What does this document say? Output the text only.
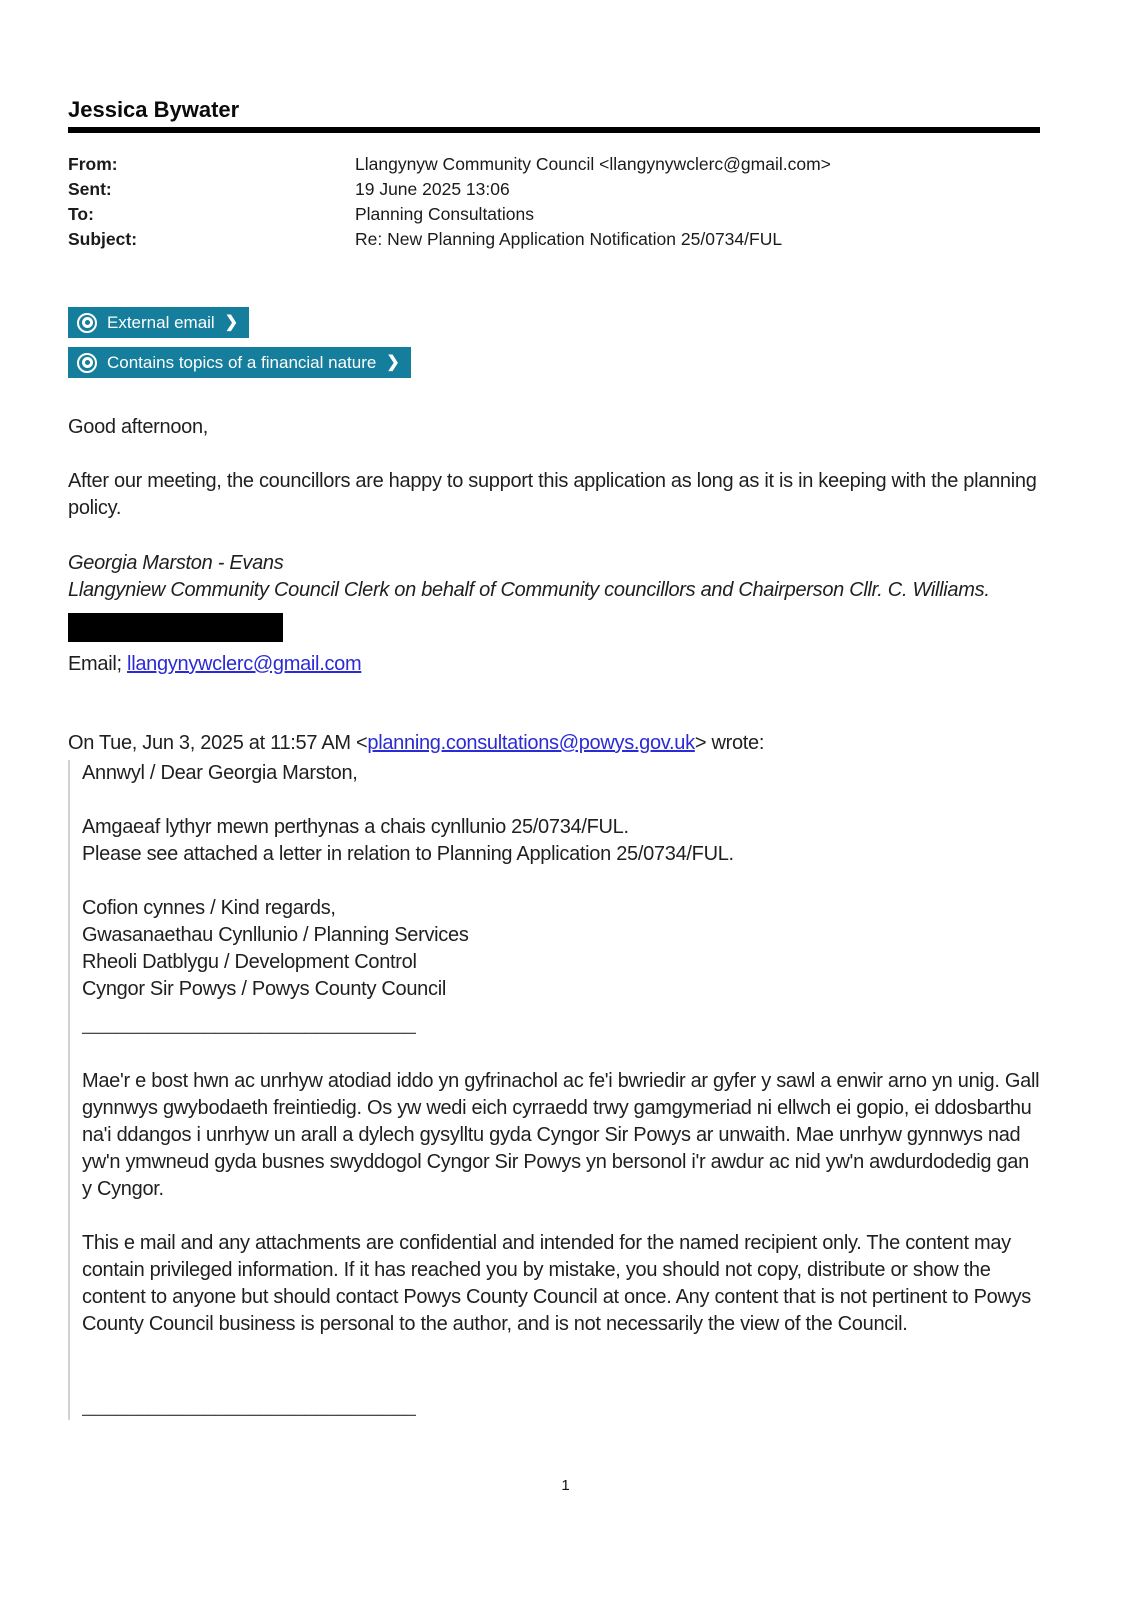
Jessica Bywater
From:	Llangynyw Community Council <llangynywclerc@gmail.com>
Sent:	19 June 2025 13:06
To:	Planning Consultations
Subject:	Re: New Planning Application Notification 25/0734/FUL
External email ❯
Contains topics of a financial nature ❯
Good afternoon,
After our meeting, the councillors are happy to support this application as long as it is in keeping with the planning policy.
Georgia Marston - Evans
Llangyniew Community Council Clerk on behalf of Community councillors and Chairperson Cllr. C. Williams.
Email; llangynywclerc@gmail.com
On Tue, Jun 3, 2025 at 11:57 AM <planning.consultations@powys.gov.uk> wrote:
Annwyl / Dear Georgia Marston,
Amgaeaf lythyr mewn perthynas a chais cynllunio 25/0734/FUL.
Please see attached a letter in relation to Planning Application 25/0734/FUL.
Cofion cynnes / Kind regards,
Gwasanaethau Cynllunio / Planning Services
Rheoli Datblygu / Development Control
Cyngor Sir Powys / Powys County Council
______________________________
Mae'r e bost hwn ac unrhyw atodiad iddo yn gyfrinachol ac fe'i bwriedir ar gyfer y sawl a enwir arno yn unig. Gall gynnwys gwybodaeth freintiedig. Os yw wedi eich cyrraedd trwy gamgymeriad ni ellwch ei gopio, ei ddosbarthu na'i ddangos i unrhyw un arall a dylech gysylltu gyda Cyngor Sir Powys ar unwaith. Mae unrhyw gynnwys nad yw'n ymwneud gyda busnes swyddogol Cyngor Sir Powys yn bersonol i'r awdur ac nid yw'n awdurdodedig gan y Cyngor.
This e mail and any attachments are confidential and intended for the named recipient only. The content may contain privileged information. If it has reached you by mistake, you should not copy, distribute or show the content to anyone but should contact Powys County Council at once. Any content that is not pertinent to Powys County Council business is personal to the author, and is not necessarily the view of the Council.
______________________________
1
